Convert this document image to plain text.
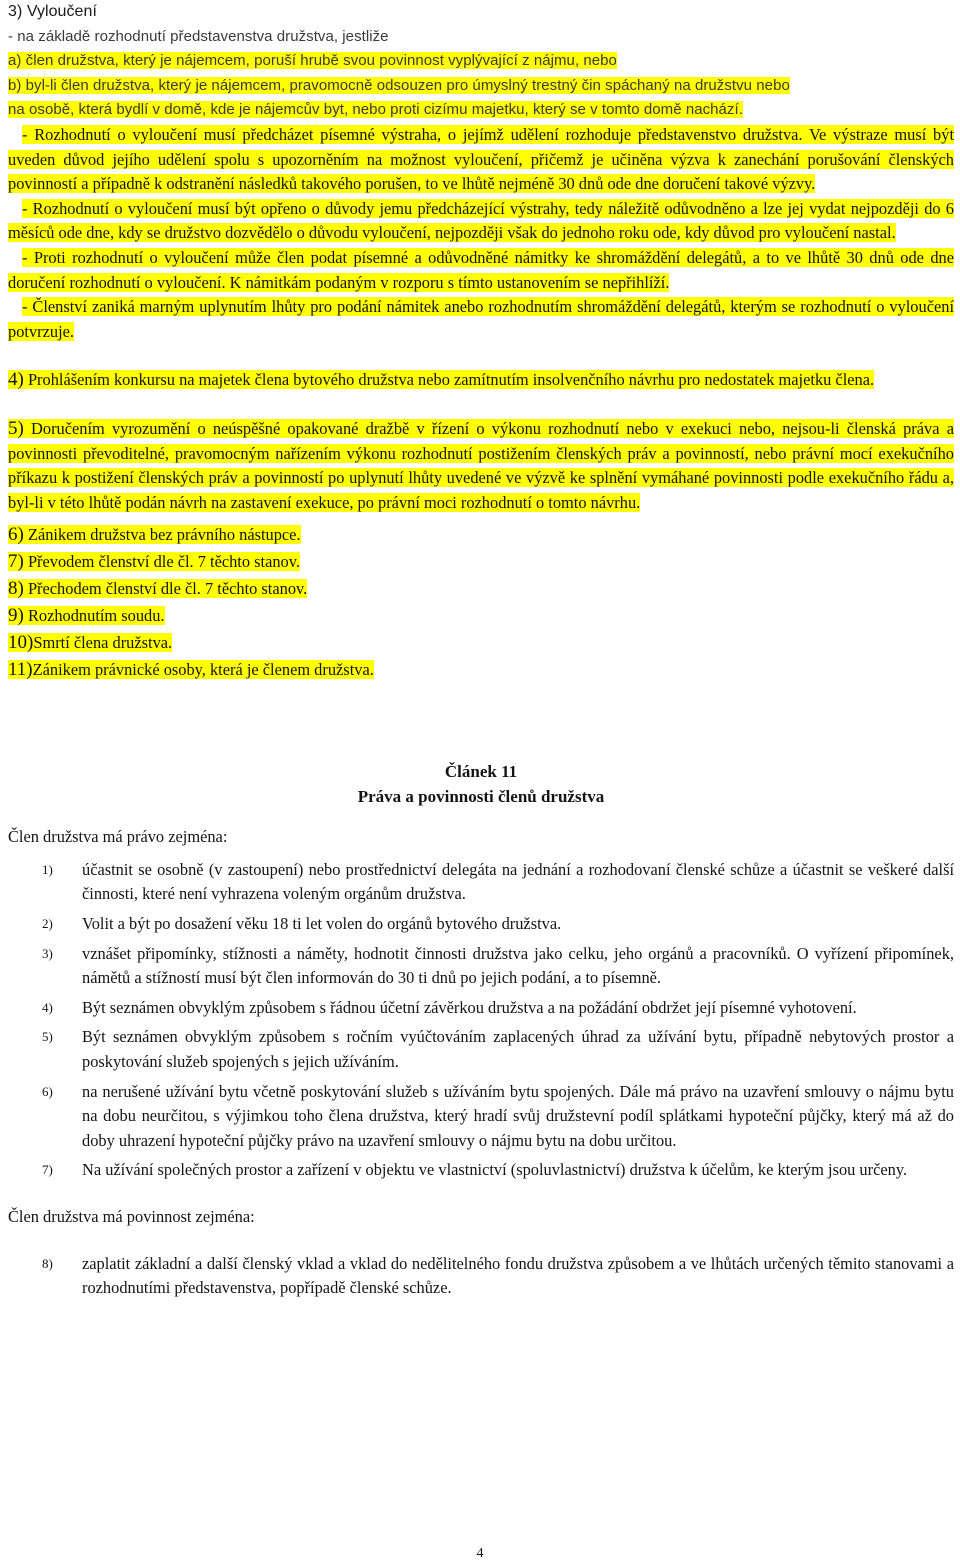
3) Vyloučení
- na základě rozhodnutí představenstva družstva, jestliže
a) člen družstva, který je nájemcem, poruší hrubě svou povinnost vyplývající z nájmu, nebo
b) byl-li člen družstva, který je nájemcem, pravomocně odsouzen pro úmyslný trestný čin spáchaný na družstvu nebo
na osobě, která bydlí v domě, kde je nájemcův byt, nebo proti cizímu majetku, který se v tomto domě nachází.
- Rozhodnutí o vyloučení musí předcházet písemné výstraha, o jejímž udělení rozhoduje představenstvo družstva. Ve výstraze musí být uveden důvod jejího udělení spolu s upozorněním na možnost vyloučení, přičemž je učiněna výzva k zanechání porušování členských povinností a případně k odstranění následků takového porušen, to ve lhůtě nejméně 30 dnů ode dne doručení takové výzvy.
- Rozhodnutí o vyloučení musí být opřeno o důvody jemu předcházející výstrahy, tedy náležitě odůvodněno a lze jej vydat nejpozději do 6 měsíců ode dne, kdy se družstvo dozvědělo o důvodu vyloučení, nejpozději však do jednoho roku ode, kdy důvod pro vyloučení nastal.
- Proti rozhodnutí o vyloučení může člen podat písemné a odůvodněné námitky ke shromáždění delegátů, a to ve lhůtě 30 dnů ode dne doručení rozhodnutí o vyloučení. K námitkám podaným v rozporu s tímto ustanovením se nepřihlíží.
- Členství zaniká marným uplynutím lhůty pro podání námitek anebo rozhodnutím shromáždění delegátů, kterým se rozhodnutí o vyloučení potvrzuje.
4) Prohlášením konkursu na majetek člena bytového družstva nebo zamítnutím insolvenčního návrhu pro nedostatek majetku člena.
5) Doručením vyrozumění o neúspěšné opakované dražbě v řízení o výkonu rozhodnutí nebo v exekuci nebo, nejsou-li členská práva a povinnosti převoditelné, pravomocným nařízením výkonu rozhodnutí postižením členských práv a povinností, nebo právní mocí exekučního příkazu k postižení členských práv a povinností po uplynutí lhůty uvedené ve výzvě ke splnění vymáhané povinnosti podle exekučního řádu a, byl-li v této lhůtě podán návrh na zastavení exekuce, po právní moci rozhodnutí o tomto návrhu.
6) Zánikem družstva bez právního nástupce.
7) Převodem členství dle čl. 7 těchto stanov.
8) Přechodem členství dle čl. 7 těchto stanov.
9) Rozhodnutím soudu.
10)Smrtí člena družstva.
11)Zánikem právnické osoby, která je členem družstva.
Článek 11
Práva a povinnosti členů družstva
Člen družstva má právo zejména:
1)	účastnit se osobně (v zastoupení) nebo prostřednictví delegáta na jednání a rozhodovaní členské schůze a účastnit se veškeré další činnosti, které není vyhrazena voleným orgánům družstva.
2)	Volit a být po dosažení věku 18 ti let volen do orgánů bytového družstva.
3)	vznášet připomínky, stížnosti a náměty, hodnotit činnosti družstva jako celku, jeho orgánů a pracovníků. O vyřízení připomínek, námětů a stížností musí být člen informován do 30 ti dnů po jejich podání, a to písemně.
4)	Být seznámen obvyklým způsobem s řádnou účetní závěrkou družstva a na požádání obdržet její písemné vyhotovení.
5)	Být seznámen obvyklým způsobem s ročním vyúčtováním zaplacených úhrad za užívání bytu, případně nebytových prostor a poskytování služeb spojených s jejich užíváním.
6)	na nerušené užívání bytu včetně poskytování služeb s užíváním bytu spojených. Dále má právo na uzavření smlouvy o nájmu bytu na dobu neurčitou, s výjimkou toho člena družstva, který hradí svůj družstevní podíl splátkami hypoteční půjčky, který má až do doby uhrazení hypoteční půjčky právo na uzavření smlouvy o nájmu bytu na dobu určitou.
7)	Na užívání společných prostor a zařízení v objektu ve vlastnictví (spoluvlastnictví) družstva k účelům, ke kterým jsou určeny.
Člen družstva má povinnost zejména:
8)	zaplatit základní a další členský vklad a vklad do nedělitelného fondu družstva způsobem a ve lhůtách určených těmito stanovami a rozhodnutími představenstva, popřípadě členské schůze.
4
